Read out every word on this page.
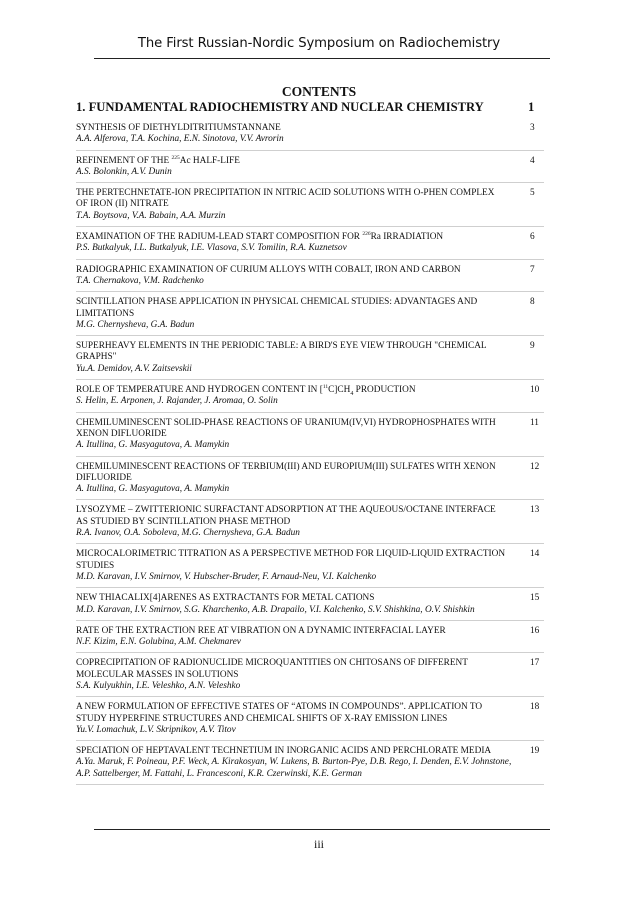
The First Russian-Nordic Symposium on Radiochemistry
CONTENTS
1. FUNDAMENTAL RADIOCHEMISTRY AND NUCLEAR CHEMISTRY	1
SYNTHESIS OF DIETHYLDITRITIUMSTANNANE
A.A. Alferova, T.A. Kochina, E.N. Sinotova, V.V. Avrorin
3
REFINEMENT OF THE $^{225}$Ac HALF-LIFE
A.S. Bolonkin, A.V. Dunin
4
THE PERTECHNETATE-ION PRECIPITATION IN NITRIC ACID SOLUTIONS WITH O-PHEN COMPLEX OF IRON (II) NITRATE
T.A. Boytsova, V.A. Babain, A.A. Murzin
5
EXAMINATION OF THE RADIUM-LEAD START COMPOSITION FOR $^{226}$Ra IRRADIATION
P.S. Butkalyuk, I.L. Butkalyuk, I.E. Vlasova, S.V. Tomilin, R.A. Kuznetsov
6
RADIOGRAPHIC EXAMINATION OF CURIUM ALLOYS WITH COBALT, IRON AND CARBON
T.A. Chernakova, V.M. Radchenko
7
SCINTILLATION PHASE APPLICATION IN PHYSICAL CHEMICAL STUDIES: ADVANTAGES AND LIMITATIONS
M.G. Chernysheva, G.A. Badun
8
SUPERHEAVY ELEMENTS IN THE PERIODIC TABLE: A BIRD'S EYE VIEW THROUGH "CHEMICAL GRAPHS"
Yu.A. Demidov, A.V. Zaitsevskii
9
ROLE OF TEMPERATURE AND HYDROGEN CONTENT IN $[^{11}C]CH_4$ PRODUCTION
S. Helin, E. Arponen, J. Rajander, J. Aromaa, O. Solin
10
CHEMILUMINESCENT SOLID-PHASE REACTIONS OF URANIUM(IV,VI) HYDROPHOSPHATES WITH XENON DIFLUORIDE
A. Itullina, G. Masyagutova, A. Mamykin
11
CHEMILUMINESCENT REACTIONS OF TERBIUM(III) AND EUROPIUM(III) SULFATES WITH XENON DIFLUORIDE
A. Itullina, G. Masyagutova, A. Mamykin
12
LYSOZYME – ZWITTERIONIC SURFACTANT ADSORPTION AT THE AQUEOUS/OCTANE INTERFACE AS STUDIED BY SCINTILLATION PHASE METHOD
R.A. Ivanov, O.A. Soboleva, M.G. Chernysheva, G.A. Badun
13
MICROCALORIMETRIC TITRATION AS A PERSPECTIVE METHOD FOR LIQUID-LIQUID EXTRACTION STUDIES
M.D. Karavan, I.V. Smirnov, V. Hubscher-Bruder, F. Arnaud-Neu, V.I. Kalchenko
14
NEW THIACALIX[4]ARENES AS EXTRACTANTS FOR METAL CATIONS
M.D. Karavan, I.V. Smirnov, S.G. Kharchenko, A.B. Drapailo, V.I. Kalchenko, S.V. Shishkina, O.V. Shishkin
15
RATE OF THE EXTRACTION REE AT VIBRATION ON A DYNAMIC INTERFACIAL LAYER
N.F. Kizim, E.N. Golubina, A.M. Chekmarev
16
COPRECIPITATION OF RADIONUCLIDE MICROQUANTITIES ON CHITOSANS OF DIFFERENT MOLECULAR MASSES IN SOLUTIONS
S.A. Kulyukhin, I.E. Veleshko, A.N. Veleshko
17
A NEW FORMULATION OF EFFECTIVE STATES OF “ATOMS IN COMPOUNDS”. APPLICATION TO STUDY HYPERFINE STRUCTURES AND CHEMICAL SHIFTS OF X-RAY EMISSION LINES
Yu.V. Lomachuk, L.V. Skripnikov, A.V. Titov
18
SPECIATION OF HEPTAVALENT TECHNETIUM IN INORGANIC ACIDS AND PERCHLORATE MEDIA
A.Ya. Maruk, F. Poineau, P.F. Weck, A. Kirakosyan, W. Lukens, B. Burton-Pye, D.B. Rego, I. Denden, E.V. Johnstone, A.P. Sattelberger, M. Fattahi, L. Francesconi, K.R. Czerwinski, K.E. German
19
iii
